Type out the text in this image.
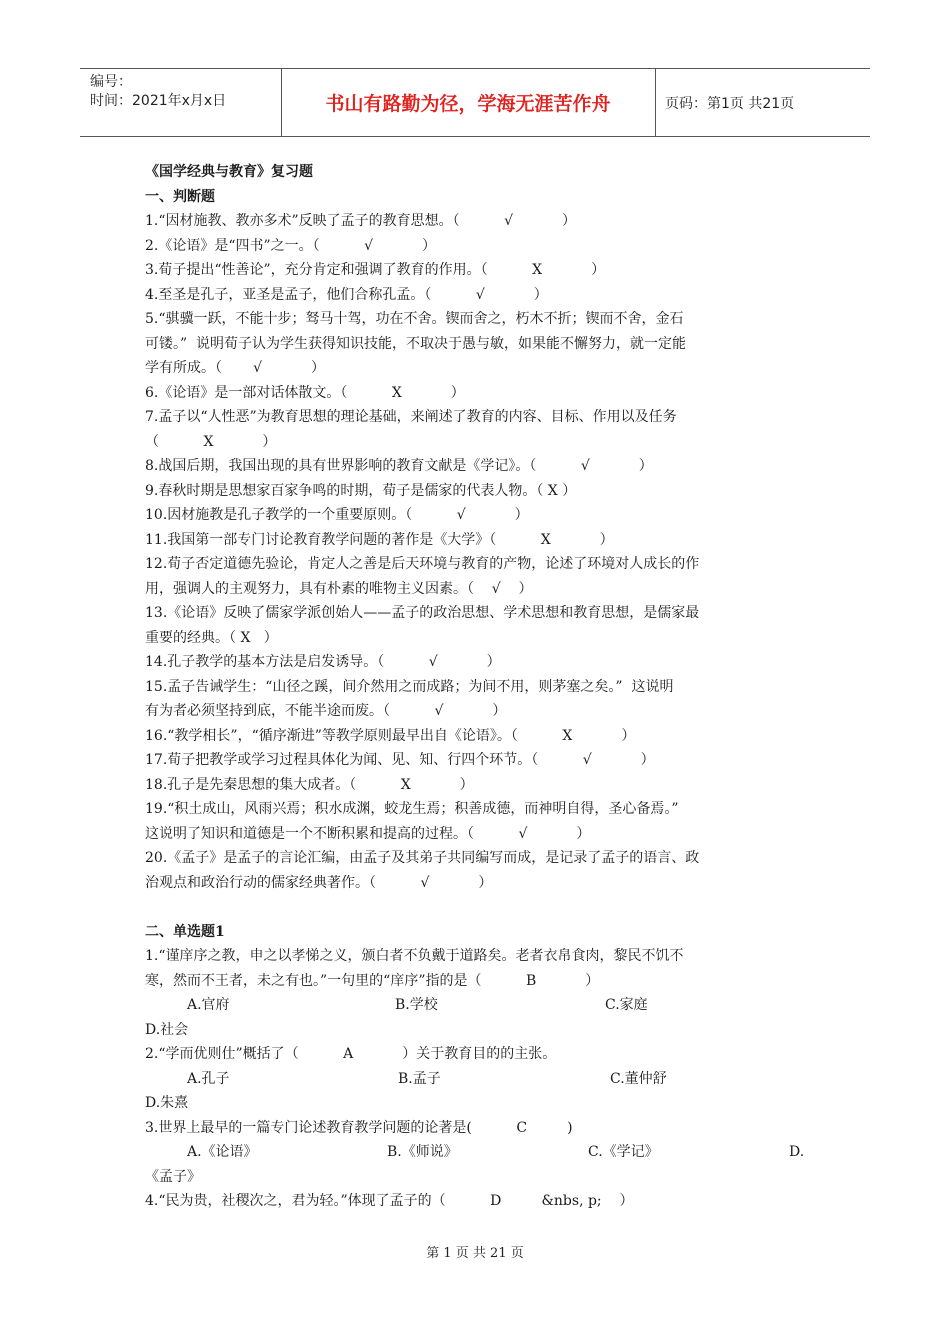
编号：
时间：2021年x月x日	书山有路勤为径，学海无涯苦作舟	页码：第1页 共21页
《国学经典与教育》复习题
一、判断题
1.“因材施教、教亦多术”反映了孟子的教育思想。（          √           ）
2.《论语》是“四书”之一。（          √           ）
3.荀子提出“性善论”，充分肯定和强调了教育的作用。（          X           ）
4.至圣是孔子，亚圣是孟子，他们合称孔孟。（          √           ）
5.“骐骥一跃，不能十步；驽马十驾，功在不舍。锲而舍之，朽木不折；锲而不舍，金石
可镂。”  说明荀子认为学生获得知识技能，不取决于愚与敏，如果能不懈努力，就一定能
学有所成。（       √           ）
6.《论语》是一部对话体散文。（          X           ）
7.孟子以“人性恶”为教育思想的理论基础，来阐述了教育的内容、目标、作用以及任务
（          X           ）
8.战国后期，我国出现的具有世界影响的教育文献是《学记》。（          √           ）
9.春秋时期是思想家百家争鸣的时期，荀子是儒家的代表人物。（ X ）
10.因材施教是孔子教学的一个重要原则。（          √           ）
11.我国第一部专门讨论教育教学问题的著作是《大学》（          X           ）
12.荀子否定道德先验论，肯定人之善是后天环境与教育的产物，论述了环境对人成长的作
用，强调人的主观努力，具有朴素的唯物主义因素。（    √    ）
13.《论语》反映了儒家学派创始人——孟子的政治思想、学术思想和教育思想，是儒家最
重要的经典。（ X   ）
14.孔子教学的基本方法是启发诱导。（          √           ）
15.孟子告诫学生：“山径之蹊，间介然用之而成路；为间不用，则茅塞之矣。”  这说明
有为者必须坚持到底，不能半途而废。（          √           ）
16.“教学相长”，“循序渐进”等教学原则最早出自《论语》。（          X           ）
17.荀子把教学或学习过程具体化为闻、见、知、行四个环节。（          √           ）
18.孔子是先秦思想的集大成者。（          X           ）
19.“积土成山，风雨兴焉；积水成渊，蛟龙生焉；积善成德，而神明自得，圣心备焉。”
这说明了知识和道德是一个不断积累和提高的过程。（          √           ）
20.《孟子》是孟子的言论汇编，由孟子及其弟子共同编写而成，是记录了孟子的语言、政
治观点和政治行动的儒家经典著作。（          √           ）
二、单选题1
1.“谨庠序之教，申之以孝悌之义，颁白者不负戴于道路矣。老者衣帛食肉，黎民不饥不
寒，然而不王者，未之有也。”一句里的“庠序”指的是（          B           ）
A.官府	B.学校	C.家庭
D.社会
2.“学而优则仕”概括了（          A           ）关于教育目的的主张。
A.孔子	B.孟子	C.董仲舒
D.朱熹
3.世界上最早的一篇专门论述教育教学问题的论著是(          C         )
A.《论语》	B.《师说》	C.《学记》	D.
《孟子》
4.“民为贵，社稷次之，君为轻。”体现了孟子的（          D         &nbs, p;    ）
第 1 页 共 21 页
